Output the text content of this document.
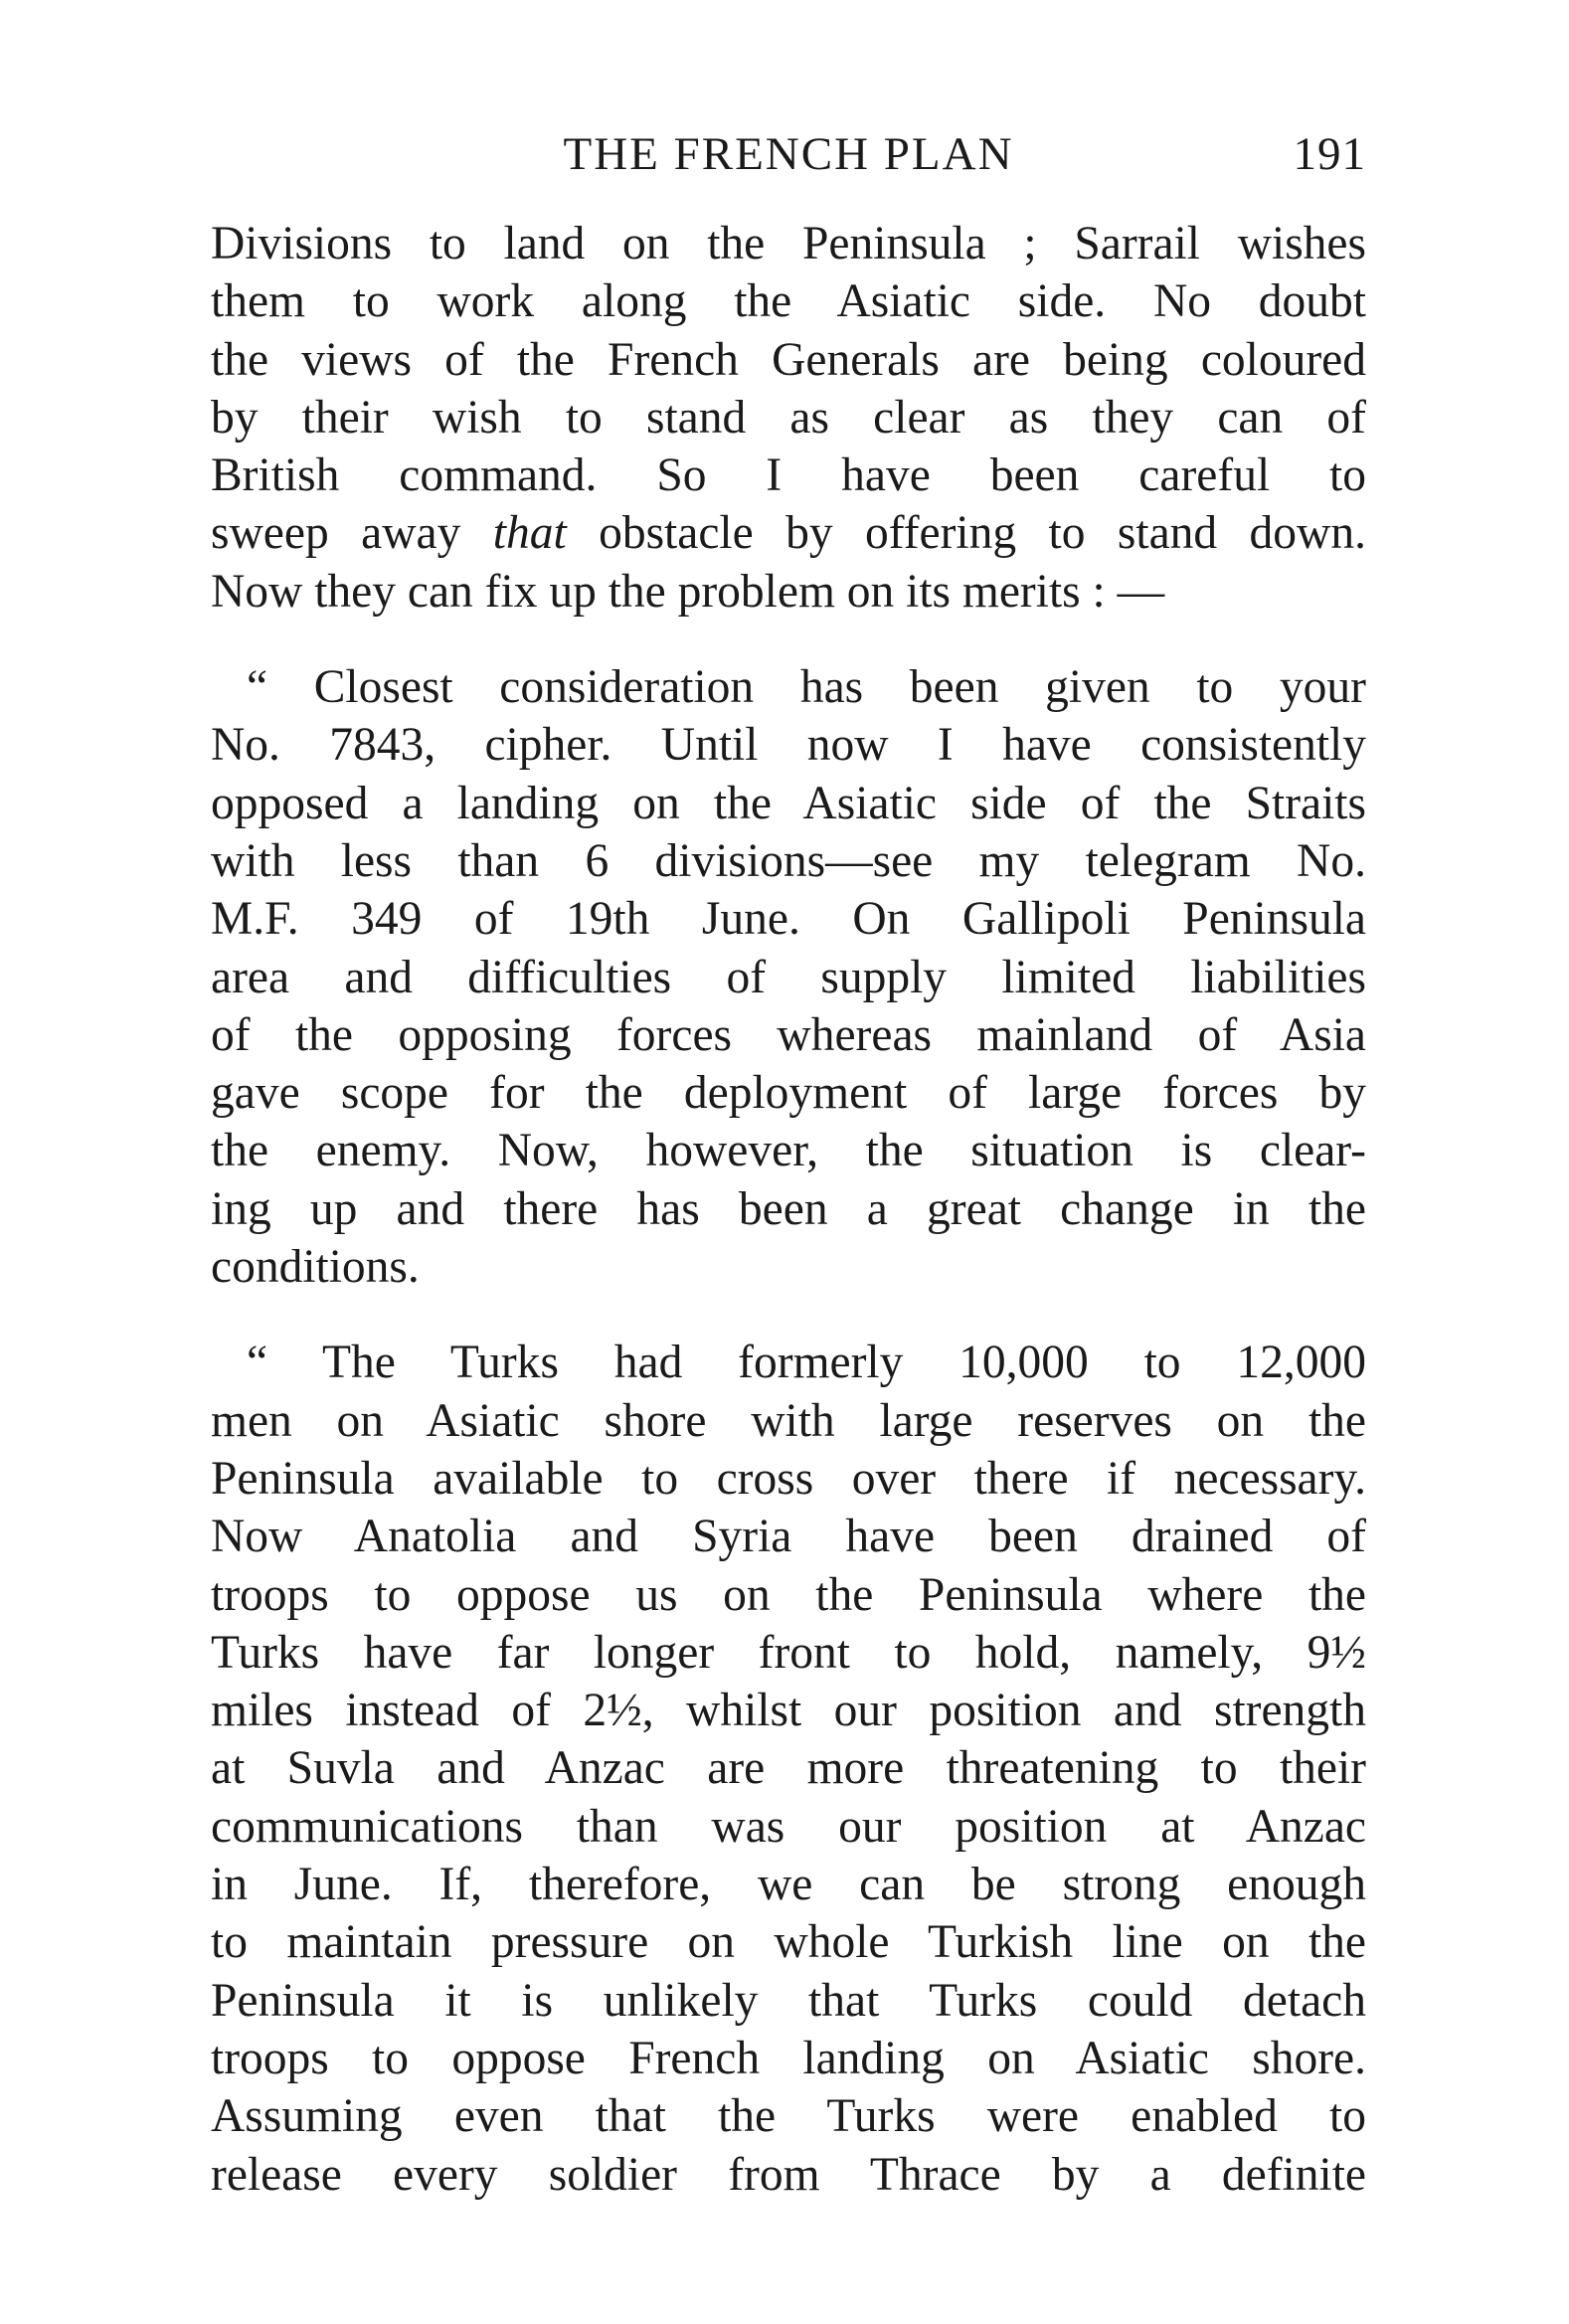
THE FRENCH PLAN	191
Divisions to land on the Peninsula ; Sarrail wishes
them to work along the Asiatic side. No doubt
the views of the French Generals are being coloured
by their wish to stand as clear as they can of
British command. So I have been careful to
sweep away that obstacle by offering to stand down.
Now they can fix up the problem on its merits : —
“ Closest consideration has been given to your
No. 7843, cipher. Until now I have consistently
opposed a landing on the Asiatic side of the Straits
with less than 6 divisions—see my telegram No.
M.F. 349 of 19th June. On Gallipoli Peninsula
area and difficulties of supply limited liabilities
of the opposing forces whereas mainland of Asia
gave scope for the deployment of large forces by
the enemy. Now, however, the situation is clear-
ing up and there has been a great change in the
conditions.
“ The Turks had formerly 10,000 to 12,000
men on Asiatic shore with large reserves on the
Peninsula available to cross over there if necessary.
Now Anatolia and Syria have been drained of
troops to oppose us on the Peninsula where the
Turks have far longer front to hold, namely, 9½
miles instead of 2½, whilst our position and strength
at Suvla and Anzac are more threatening to their
communications than was our position at Anzac
in June. If, therefore, we can be strong enough
to maintain pressure on whole Turkish line on the
Peninsula it is unlikely that Turks could detach
troops to oppose French landing on Asiatic shore.
Assuming even that the Turks were enabled to
release every soldier from Thrace by a definite
